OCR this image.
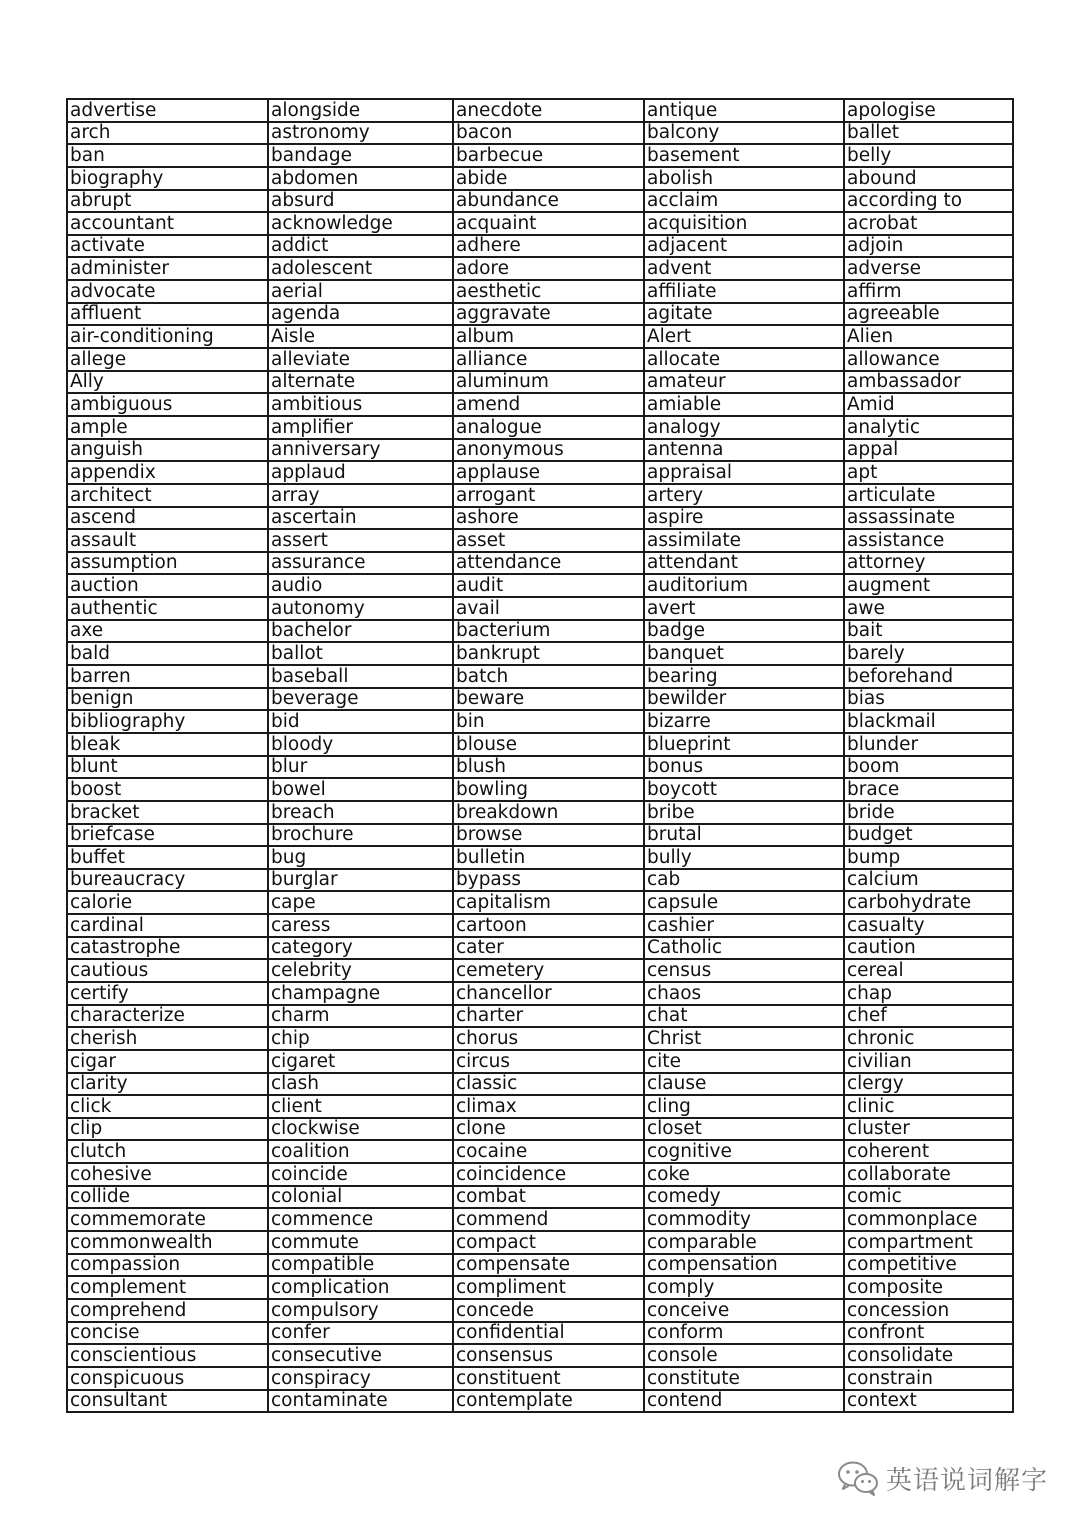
advertise	alongside	anecdote	antique	apologise
arch	astronomy	bacon	balcony	ballet
ban	bandage	barbecue	basement	belly
biography	abdomen	abide	abolish	abound
abrupt	absurd	abundance	acclaim	according to
accountant	acknowledge	acquaint	acquisition	acrobat
activate	addict	adhere	adjacent	adjoin
administer	adolescent	adore	advent	adverse
advocate	aerial	aesthetic	affiliate	affirm
affluent	agenda	aggravate	agitate	agreeable
air-conditioning	Aisle	album	Alert	Alien
allege	alleviate	alliance	allocate	allowance
Ally	alternate	aluminum	amateur	ambassador
ambiguous	ambitious	amend	amiable	Amid
ample	amplifier	analogue	analogy	analytic
anguish	anniversary	anonymous	antenna	appal
appendix	applaud	applause	appraisal	apt
architect	array	arrogant	artery	articulate
ascend	ascertain	ashore	aspire	assassinate
assault	assert	asset	assimilate	assistance
assumption	assurance	attendance	attendant	attorney
auction	audio	audit	auditorium	augment
authentic	autonomy	avail	avert	awe
axe	bachelor	bacterium	badge	bait
bald	ballot	bankrupt	banquet	barely
barren	baseball	batch	bearing	beforehand
benign	beverage	beware	bewilder	bias
bibliography	bid	bin	bizarre	blackmail
bleak	bloody	blouse	blueprint	blunder
blunt	blur	blush	bonus	boom
boost	bowel	bowling	boycott	brace
bracket	breach	breakdown	bribe	bride
briefcase	brochure	browse	brutal	budget
buffet	bug	bulletin	bully	bump
bureaucracy	burglar	bypass	cab	calcium
calorie	cape	capitalism	capsule	carbohydrate
cardinal	caress	cartoon	cashier	casualty
catastrophe	category	cater	Catholic	caution
cautious	celebrity	cemetery	census	cereal
certify	champagne	chancellor	chaos	chap
characterize	charm	charter	chat	chef
cherish	chip	chorus	Christ	chronic
cigar	cigaret	circus	cite	civilian
clarity	clash	classic	clause	clergy
click	client	climax	cling	clinic
clip	clockwise	clone	closet	cluster
clutch	coalition	cocaine	cognitive	coherent
cohesive	coincide	coincidence	coke	collaborate
collide	colonial	combat	comedy	comic
commemorate	commence	commend	commodity	commonplace
commonwealth	commute	compact	comparable	compartment
compassion	compatible	compensate	compensation	competitive
complement	complication	compliment	comply	composite
comprehend	compulsory	concede	conceive	concession
concise	confer	confidential	conform	confront
conscientious	consecutive	consensus	console	consolidate
conspicuous	conspiracy	constituent	constitute	constrain
consultant	contaminate	contemplate	contend	context
英语说词解字
